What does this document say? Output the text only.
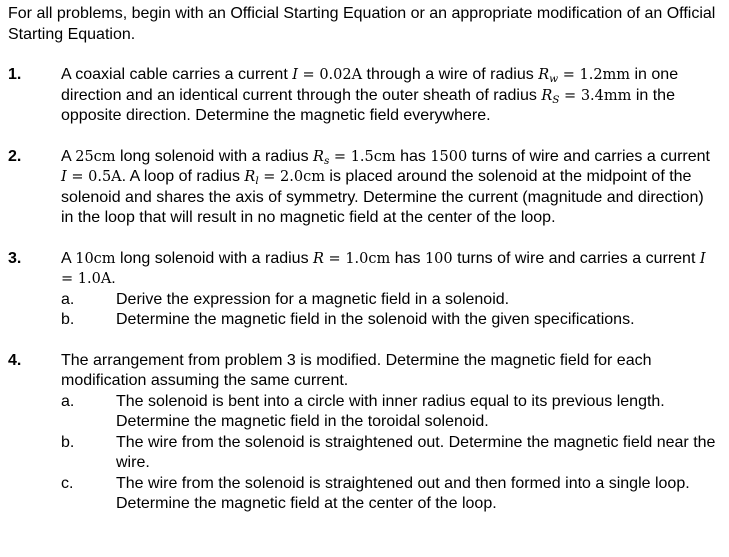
For all problems, begin with an Official Starting Equation or an appropriate modification of an Official Starting Equation.
1.	A coaxial cable carries a current I = 0.02A through a wire of radius $R_w = 1.2mm$ in one direction and an identical current through the outer sheath of radius $R_S = 3.4mm$ in the opposite direction. Determine the magnetic field everywhere.
2.	A 25cm long solenoid with a radius $R_s = 1.5cm$ has 1500 turns of wire and carries a current I = 0.5A. A loop of radius $R_l = 2.0cm$ is placed around the solenoid at the midpoint of the solenoid and shares the axis of symmetry. Determine the current (magnitude and direction) in the loop that will result in no magnetic field at the center of the loop.
3.	A 10cm long solenoid with a radius R = 1.0cm has 100 turns of wire and carries a current I = 1.0A.
a.	Derive the expression for a magnetic field in a solenoid.
b.	Determine the magnetic field in the solenoid with the given specifications.
4.	The arrangement from problem 3 is modified. Determine the magnetic field for each modification assuming the same current.
a.	The solenoid is bent into a circle with inner radius equal to its previous length. Determine the magnetic field in the toroidal solenoid.
b.	The wire from the solenoid is straightened out. Determine the magnetic field near the wire.
c.	The wire from the solenoid is straightened out and then formed into a single loop. Determine the magnetic field at the center of the loop.
